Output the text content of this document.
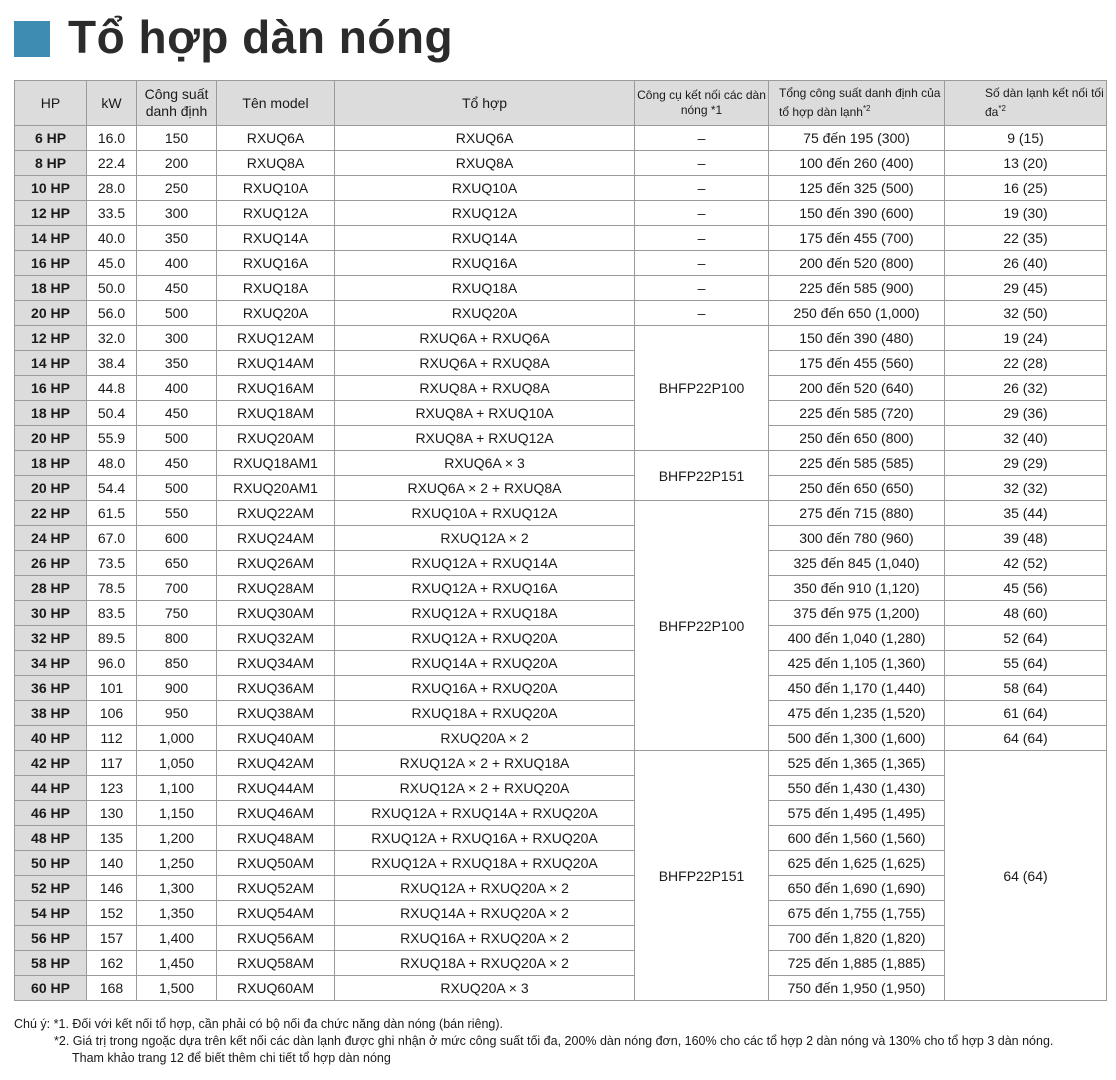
Tổ hợp dàn nóng
HP	kW	Công suất danh định	Tên model	Tổ hợp	Công cụ kết nối các dàn nóng *1	Tổng công suất danh định của tổ hợp dàn lạnh$^{*2}$	Số dàn lạnh kết nối tối $đa^{*2}$
6 HP	16.0	150	RXUQ6A	RXUQ6A	–	75 đến 195 (300)	9 (15)
8 HP	22.4	200	RXUQ8A	RXUQ8A	–	100 đến 260 (400)	13 (20)
10 HP	28.0	250	RXUQ10A	RXUQ10A	–	125 đến 325 (500)	16 (25)
12 HP	33.5	300	RXUQ12A	RXUQ12A	–	150 đến 390 (600)	19 (30)
14 HP	40.0	350	RXUQ14A	RXUQ14A	–	175 đến 455 (700)	22 (35)
16 HP	45.0	400	RXUQ16A	RXUQ16A	–	200 đến 520 (800)	26 (40)
18 HP	50.0	450	RXUQ18A	RXUQ18A	–	225 đến 585 (900)	29 (45)
20 HP	56.0	500	RXUQ20A	RXUQ20A	–	250 đến 650 (1,000)	32 (50)
12 HP	32.0	300	RXUQ12AM	RXUQ6A + RXUQ6A	BHFP22P100	150 đến 390 (480)	19 (24)
14 HP	38.4	350	RXUQ14AM	RXUQ6A + RXUQ8A		175 đến 455 (560)	22 (28)
16 HP	44.8	400	RXUQ16AM	RXUQ8A + RXUQ8A		200 đến 520 (640)	26 (32)
18 HP	50.4	450	RXUQ18AM	RXUQ8A + RXUQ10A		225 đến 585 (720)	29 (36)
20 HP	55.9	500	RXUQ20AM	RXUQ8A + RXUQ12A		250 đến 650 (800)	32 (40)
18 HP	48.0	450	RXUQ18AM1	RXUQ6A × 3	BHFP22P151	225 đến 585 (585)	29 (29)
20 HP	54.4	500	RXUQ20AM1	RXUQ6A × 2 + RXUQ8A		250 đến 650 (650)	32 (32)
22 HP	61.5	550	RXUQ22AM	RXUQ10A + RXUQ12A	BHFP22P100	275 đến 715 (880)	35 (44)
24 HP	67.0	600	RXUQ24AM	RXUQ12A × 2		300 đến 780 (960)	39 (48)
26 HP	73.5	650	RXUQ26AM	RXUQ12A + RXUQ14A		325 đến 845 (1,040)	42 (52)
28 HP	78.5	700	RXUQ28AM	RXUQ12A + RXUQ16A		350 đến 910 (1,120)	45 (56)
30 HP	83.5	750	RXUQ30AM	RXUQ12A + RXUQ18A		375 đến 975 (1,200)	48 (60)
32 HP	89.5	800	RXUQ32AM	RXUQ12A + RXUQ20A		400 đến 1,040 (1,280)	52 (64)
34 HP	96.0	850	RXUQ34AM	RXUQ14A + RXUQ20A		425 đến 1,105 (1,360)	55 (64)
36 HP	101	900	RXUQ36AM	RXUQ16A + RXUQ20A		450 đến 1,170 (1,440)	58 (64)
38 HP	106	950	RXUQ38AM	RXUQ18A + RXUQ20A		475 đến 1,235 (1,520)	61 (64)
40 HP	112	1,000	RXUQ40AM	RXUQ20A × 2		500 đến 1,300 (1,600)	64 (64)
42 HP	117	1,050	RXUQ42AM	RXUQ12A × 2 + RXUQ18A	BHFP22P151	525 đến 1,365 (1,365)	64 (64)
44 HP	123	1,100	RXUQ44AM	RXUQ12A × 2 + RXUQ20A		550 đến 1,430 (1,430)	
46 HP	130	1,150	RXUQ46AM	RXUQ12A + RXUQ14A + RXUQ20A		575 đến 1,495 (1,495)	
48 HP	135	1,200	RXUQ48AM	RXUQ12A + RXUQ16A + RXUQ20A		600 đến 1,560 (1,560)	
50 HP	140	1,250	RXUQ50AM	RXUQ12A + RXUQ18A + RXUQ20A		625 đến 1,625 (1,625)	
52 HP	146	1,300	RXUQ52AM	RXUQ12A + RXUQ20A × 2		650 đến 1,690 (1,690)	
54 HP	152	1,350	RXUQ54AM	RXUQ14A + RXUQ20A × 2		675 đến 1,755 (1,755)	
56 HP	157	1,400	RXUQ56AM	RXUQ16A + RXUQ20A × 2		700 đến 1,820 (1,820)	
58 HP	162	1,450	RXUQ58AM	RXUQ18A + RXUQ20A × 2		725 đến 1,885 (1,885)	
60 HP	168	1,500	RXUQ60AM	RXUQ20A × 3		750 đến 1,950 (1,950)	
Chú ý: *1. Đối với kết nối tổ hợp, cần phải có bộ nối đa chức năng dàn nóng (bán riêng).
*2. Giá trị trong ngoặc dựa trên kết nối các dàn lạnh được ghi nhận ở mức công suất tối đa, 200% dàn nóng đơn, 160% cho các tổ hợp 2 dàn nóng và 130% cho tổ hợp 3 dàn nóng.
Tham khảo trang 12 để biết thêm chi tiết tổ hợp dàn nóng
